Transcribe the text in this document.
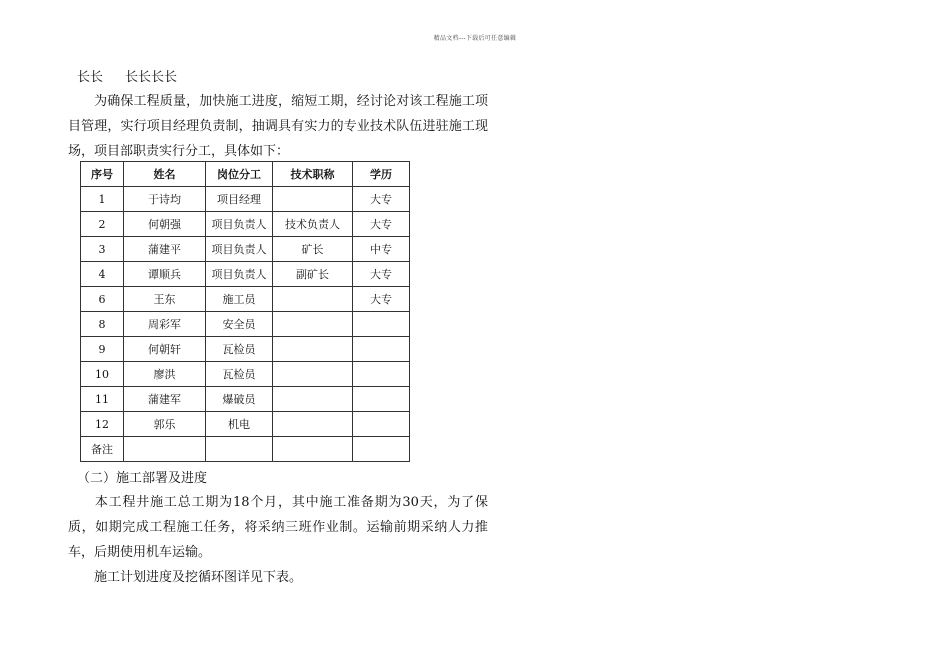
精品文档---下载后可任意编辑
长长 长长长长
为确保工程质量，加快施工进度，缩短工期，经讨论对该工程施工项目管理，实行项目经理负责制，抽调具有实力的专业技术队伍进驻施工现场，项目部职责实行分工，具体如下：
序号	姓名	岗位分工	技术职称	学历
1	于诗均	项目经理		大专
2	何朝强	项目负责人	技术负责人	大专
3	蒲建平	项目负责人	矿长	中专
4	谭顺兵	项目负责人	副矿长	大专
6	王东	施工员		大专
8	周彩军	安全员		
9	何朝轩	瓦检员		
10	廖洪	瓦检员		
11	蒲建军	爆破员		
12	郭乐	机电		
备注				
（二）施工部署及进度
本工程井施工总工期为18个月，其中施工准备期为30天，为了保质，如期完成工程施工任务，将采纳三班作业制。运输前期采纳人力推车，后期使用机车运输。
施工计划进度及挖循环图详见下表。
